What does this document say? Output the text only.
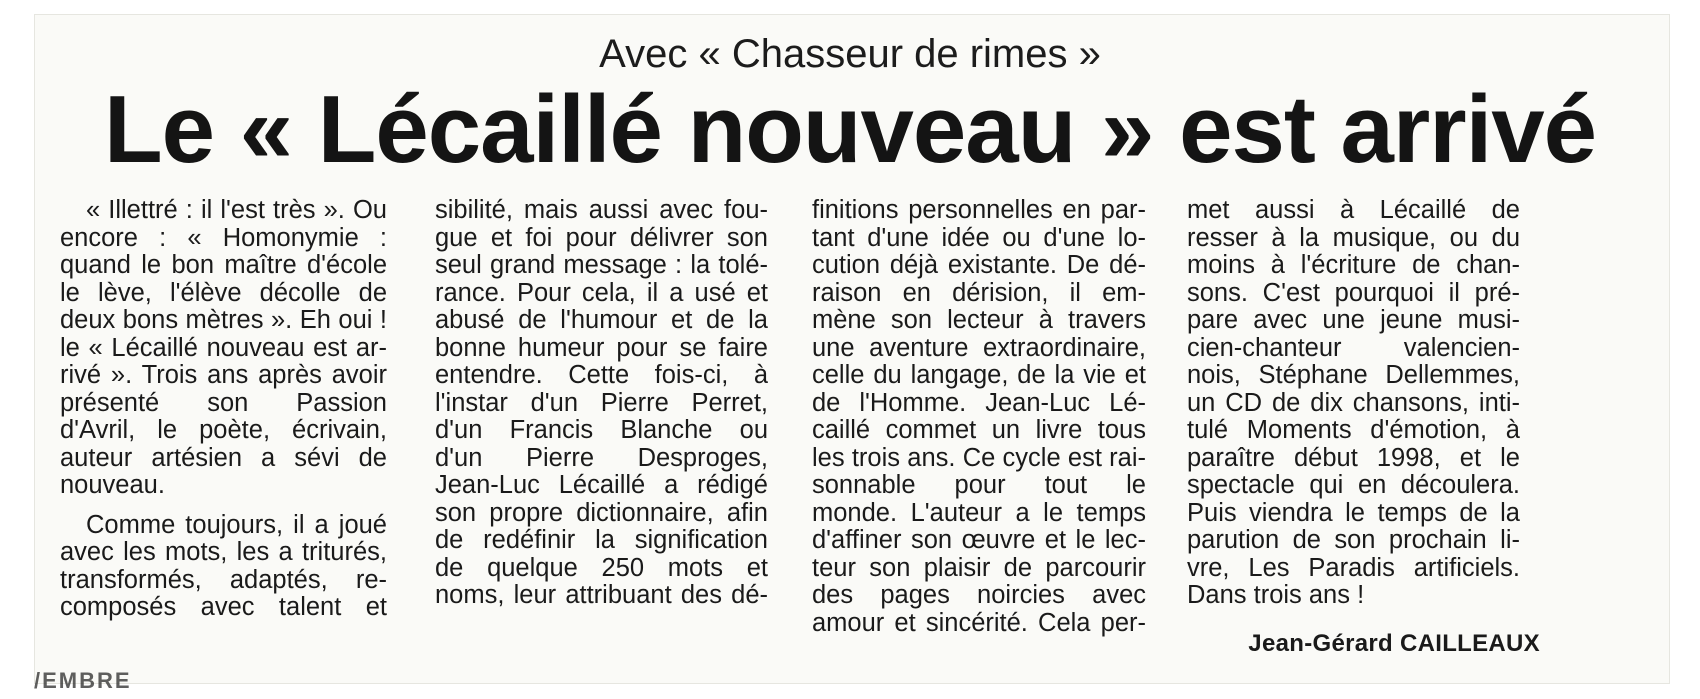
Avec « Chasseur de rimes »
Le « Lécaillé nouveau » est arrivé
« Illettré : il l'est très ». Ou
encore : « Homonymie :
quand le bon maître d'école
le lève, l'élève décolle de
deux bons mètres ». Eh oui !
le « Lécaillé nouveau est ar-
rivé ». Trois ans après avoir
présenté son Passion
d'Avril, le poète, écrivain,
auteur artésien a sévi de
nouveau.
Comme toujours, il a joué
avec les mots, les a triturés,
transformés, adaptés, re-
composés avec talent et
sibilité, mais aussi avec fou-
gue et foi pour délivrer son
seul grand message : la tolé-
rance. Pour cela, il a usé et
abusé de l'humour et de la
bonne humeur pour se faire
entendre. Cette fois-ci, à
l'instar d'un Pierre Perret,
d'un Francis Blanche ou
d'un Pierre Desproges,
Jean-Luc Lécaillé a rédigé
son propre dictionnaire, afin
de redéfinir la signification
de quelque 250 mots et
noms, leur attribuant des dé-
finitions personnelles en par-
tant d'une idée ou d'une lo-
cution déjà existante. De dé-
raison en dérision, il em-
mène son lecteur à travers
une aventure extraordinaire,
celle du langage, de la vie et
de l'Homme. Jean-Luc Lé-
caillé commet un livre tous
les trois ans. Ce cycle est rai-
sonnable pour tout le
monde. L'auteur a le temps
d'affiner son œuvre et le lec-
teur son plaisir de parcourir
des pages noircies avec
amour et sincérité. Cela per-
met aussi à Lécaillé de
resser à la musique, ou du
moins à l'écriture de chan-
sons. C'est pourquoi il pré-
pare avec une jeune musi-
cien-chanteur valencien-
nois, Stéphane Dellemmes,
un CD de dix chansons, inti-
tulé Moments d'émotion, à
paraître début 1998, et le
spectacle qui en découlera.
Puis viendra le temps de la
parution de son prochain li-
vre, Les Paradis artificiels.
Dans trois ans !
Jean-Gérard CAILLEAUX
/EMBRE
